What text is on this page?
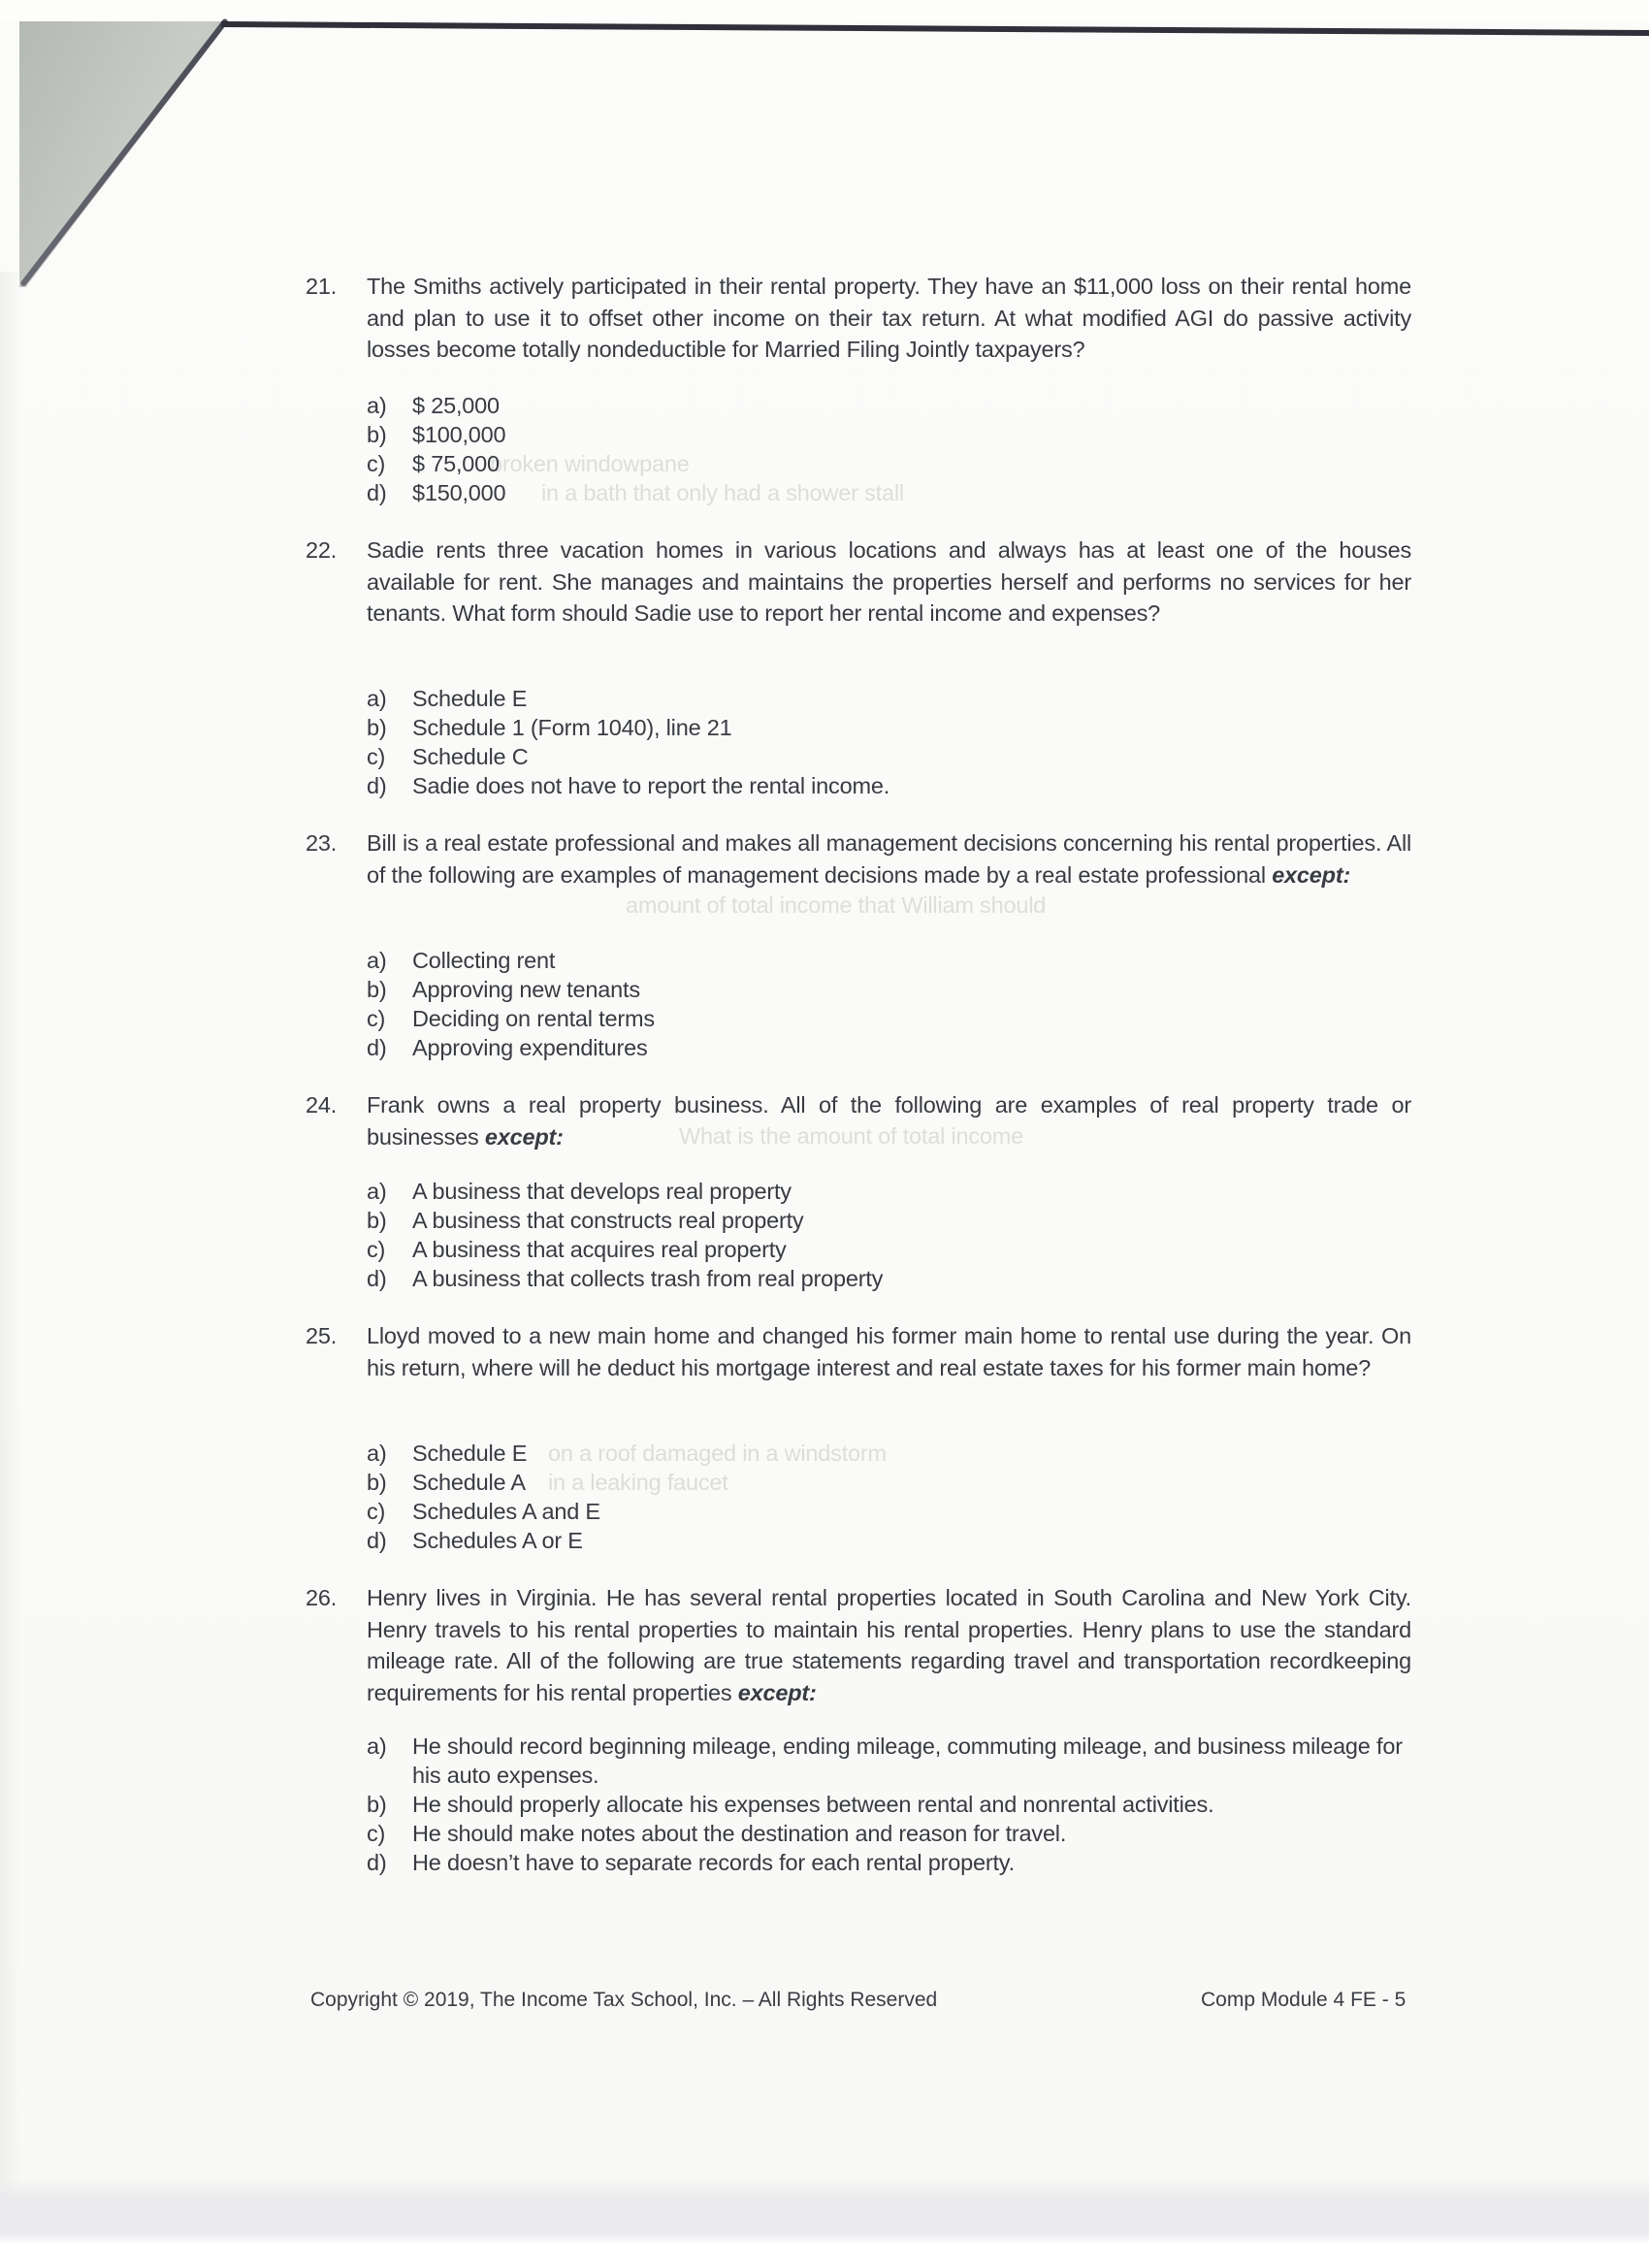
broken windowpane
in a bath that only had a shower stall
amount of total income that William should
What is the amount of total income
on a roof damaged in a windstorm
in a leaking faucet
21.	The Smiths actively participated in their rental property. They have an $11,000 loss on their rental home and plan to use it to offset other income on their tax return. At what modified AGI do passive activity losses become totally nondeductible for Married Filing Jointly taxpayers?
a)	$ 25,000
b)	$100,000
c)	$ 75,000
d)	$150,000
22.	Sadie rents three vacation homes in various locations and always has at least one of the houses available for rent. She manages and maintains the properties herself and performs no services for her tenants. What form should Sadie use to report her rental income and expenses?
a)	Schedule E
b)	Schedule 1 (Form 1040), line 21
c)	Schedule C
d)	Sadie does not have to report the rental income.
23.	Bill is a real estate professional and makes all management decisions concerning his rental properties. All of the following are examples of management decisions made by a real estate professional except:
a)	Collecting rent
b)	Approving new tenants
c)	Deciding on rental terms
d)	Approving expenditures
24.	Frank owns a real property business. All of the following are examples of real property trade or businesses except:
a)	A business that develops real property
b)	A business that constructs real property
c)	A business that acquires real property
d)	A business that collects trash from real property
25.	Lloyd moved to a new main home and changed his former main home to rental use during the year. On his return, where will he deduct his mortgage interest and real estate taxes for his former main home?
a)	Schedule E
b)	Schedule A
c)	Schedules A and E
d)	Schedules A or E
26.	Henry lives in Virginia. He has several rental properties located in South Carolina and New York City. Henry travels to his rental properties to maintain his rental properties. Henry plans to use the standard mileage rate. All of the following are true statements regarding travel and transportation recordkeeping requirements for his rental properties except:
a)	He should record beginning mileage, ending mileage, commuting mileage, and business mileage for his auto expenses.
b)	He should properly allocate his expenses between rental and nonrental activities.
c)	He should make notes about the destination and reason for travel.
d)	He doesn’t have to separate records for each rental property.
Copyright © 2019, The Income Tax School, Inc. – All Rights Reserved	Comp Module 4 FE - 5
